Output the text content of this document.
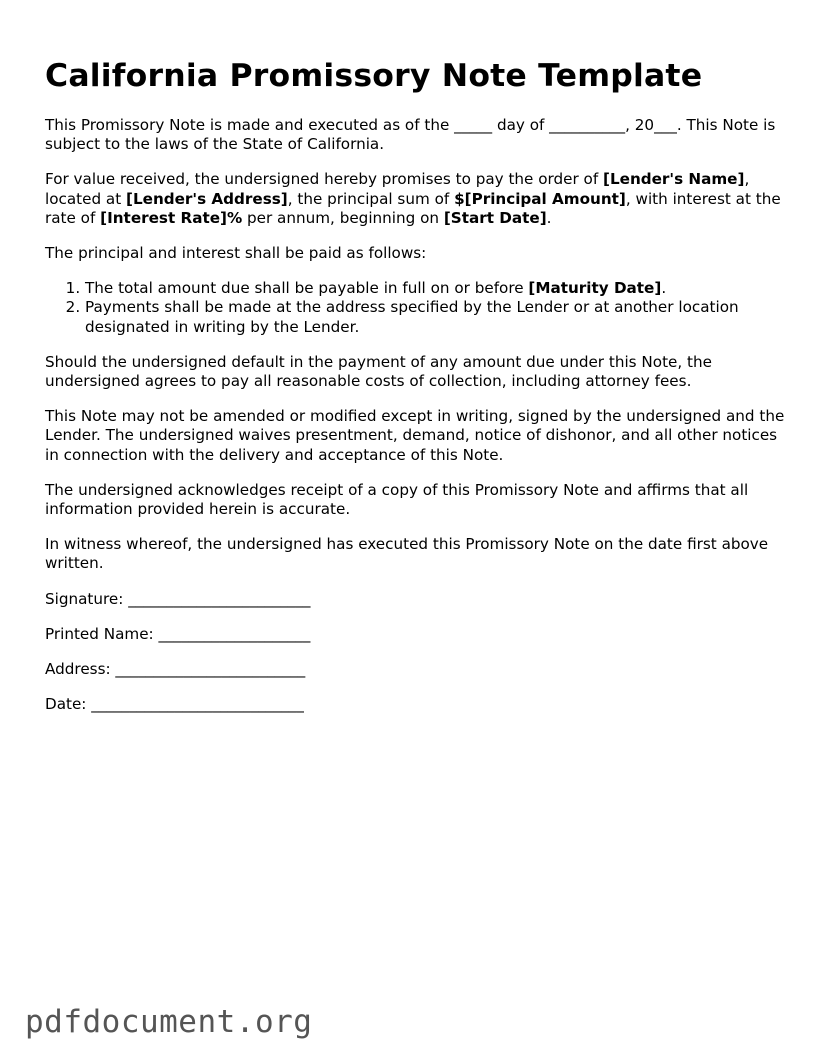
California Promissory Note Template

This Promissory Note is made and executed as of the _____ day of __________, 20___. This Note is subject to the laws of the State of California.

For value received, the undersigned hereby promises to pay the order of [Lender's Name], located at [Lender's Address], the principal sum of $[Principal Amount], with interest at the rate of [Interest Rate]% per annum, beginning on [Start Date].

The principal and interest shall be paid as follows:

1. The total amount due shall be payable in full on or before [Maturity Date].
2. Payments shall be made at the address specified by the Lender or at another location designated in writing by the Lender.

Should the undersigned default in the payment of any amount due under this Note, the undersigned agrees to pay all reasonable costs of collection, including attorney fees.

This Note may not be amended or modified except in writing, signed by the undersigned and the Lender. The undersigned waives presentment, demand, notice of dishonor, and all other notices in connection with the delivery and acceptance of this Note.

The undersigned acknowledges receipt of a copy of this Promissory Note and affirms that all information provided herein is accurate.

In witness whereof, the undersigned has executed this Promissory Note on the date first above written.

Signature: ________________________
Printed Name: ____________________
Address: _________________________
Date: ____________________________
pdfdocument.org
